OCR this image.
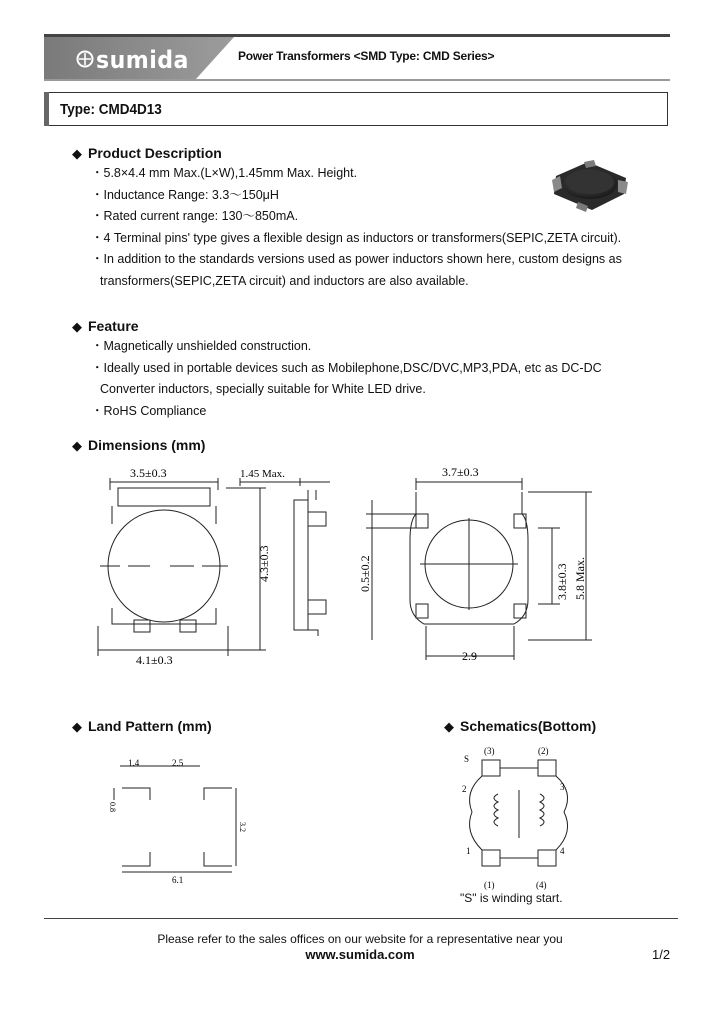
sumida	Power Transformers <SMD Type: CMD Series>
Type: CMD4D13
◆ Product Description
・5.8×4.4 mm Max.(L×W),1.45mm Max. Height.
・Inductance Range: 3.3～150μH
・Rated current range: 130～850mA.
・4 Terminal pins' type gives a flexible design as inductors or transformers(SEPIC,ZETA circuit).
・In addition to the standards versions used as power inductors shown here, custom designs as
transformers(SEPIC,ZETA circuit) and inductors are also available.
◆ Feature
・Magnetically unshielded construction.
・Ideally used in portable devices such as Mobilephone,DSC/DVC,MP3,PDA, etc as DC-DC
Converter inductors, specially suitable for White LED drive.
・RoHS Compliance
◆ Dimensions (mm)
3.5±0.3	1.45 Max.
4.1±0.3
4.3±0.3
3.7±0.3
0.5±0.2	3.8±0.3 5.8 Max.
2.9
◆ Land Pattern (mm)
1.4	2.5
0.8
3.2
6.1
◆ Schematics(Bottom)
S
(3)	(2)
2	3
1	4
(1)	(4)
"S" is winding start.
Please refer to the sales offices on our website for a representative near you
www.sumida.com	1/2
